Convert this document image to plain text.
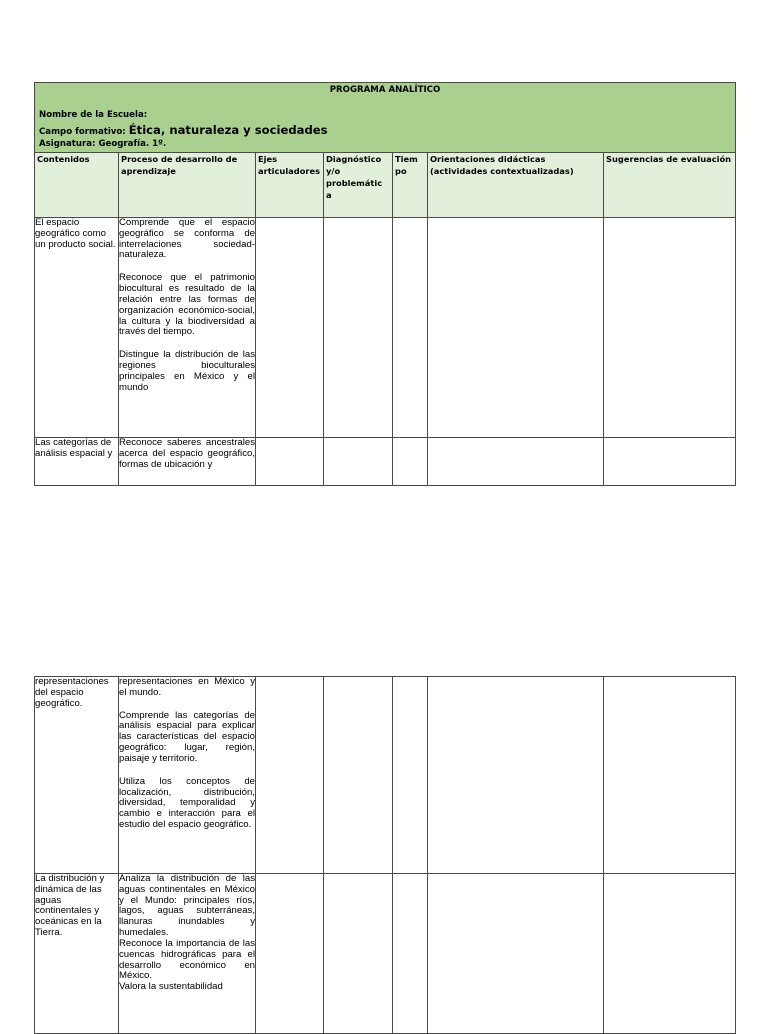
PROGRAMA ANALÍTICO
Nombre de la Escuela:
Campo formativo: Ética, naturaleza y sociedades
Asignatura: Geografía. 1º.						

Contenidos	Proceso de desarrollo de aprendizaje	Ejes articuladores	Diagnóstico y/o problemátic a	Tiem po	Orientaciones didácticas (actividades contextualizadas)	Sugerencias de evaluación

El espacio geográfico como un producto social.	Comprende que el espacio geográfico se conforma de interrelaciones sociedad-naturaleza.

Reconoce que el patrimonio biocultural es resultado de la relación entre las formas de organización económico-social, la cultura y la biodiversidad a través del tiempo.

Distingue la distribución de las regiones bioculturales principales en México y el mundo					

Las categorías de análisis espacial y	Reconoce saberes ancestrales acerca del espacio geográfico, formas de ubicación y					

representaciones del espacio geográfico.	representaciones en México y el mundo.

Comprende las categorías de análisis espacial para explicar las características del espacio geográfico: lugar, región, paisaje y territorio.

Utiliza los conceptos de localización, distribución, diversidad, temporalidad y cambio e interacción para el estudio del espacio geográfico.					

La distribución y dinámica de las aguas continentales y oceánicas en la Tierra.	Analiza la distribución de las aguas continentales en México y el Mundo: principales ríos, lagos, aguas subterráneas, llanuras inundables y humedales.

Reconoce la importancia de las cuencas hidrográficas para el desarrollo económico en México.

Valora la sustentabilidad					
